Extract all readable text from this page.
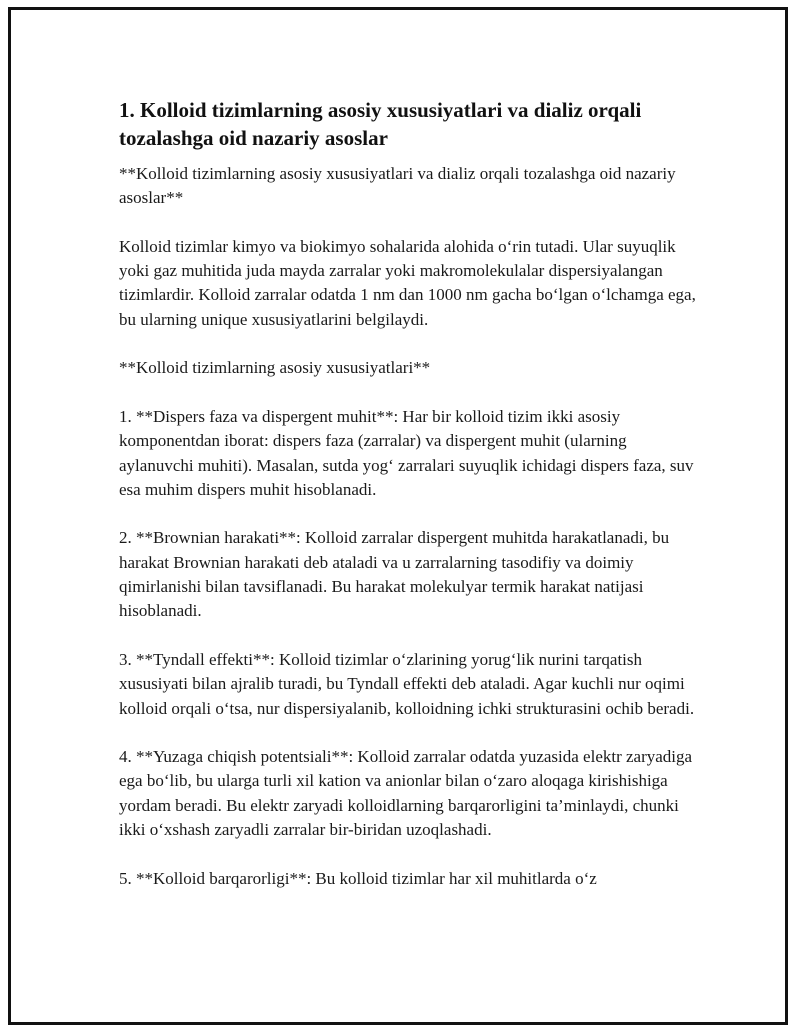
1. Kolloid tizimlarning asosiy xususiyatlari va dializ orqali tozalashga oid nazariy asoslar

**Kolloid tizimlarning asosiy xususiyatlari va dializ orqali tozalashga oid nazariy asoslar**

Kolloid tizimlar kimyo va biokimyo sohalarida alohida o‘rin tutadi. Ular suyuqlik yoki gaz muhitida juda mayda zarralar yoki makromolekulalar dispersiyalangan tizimlardir. Kolloid zarralar odatda 1 nm dan 1000 nm gacha bo‘lgan o‘lchamga ega, bu ularning unique xususiyatlarini belgilaydi.

**Kolloid tizimlarning asosiy xususiyatlari**

1. **Dispers faza va dispergent muhit**: Har bir kolloid tizim ikki asosiy komponentdan iborat: dispers faza (zarralar) va dispergent muhit (ularning aylanuvchi muhiti). Masalan, sutda yog‘ zarralari suyuqlik ichidagi dispers faza, suv esa muhim dispers muhit hisoblanadi.

2. **Brownian harakati**: Kolloid zarralar dispergent muhitda harakatlanadi, bu harakat Brownian harakati deb ataladi va u zarralarning tasodifiy va doimiy qimirlanishi bilan tavsiflanadi. Bu harakat molekulyar termik harakat natijasi hisoblanadi.

3. **Tyndall effekti**: Kolloid tizimlar o‘zlarining yorug‘lik nurini tarqatish xususiyati bilan ajralib turadi, bu Tyndall effekti deb ataladi. Agar kuchli nur oqimi kolloid orqali o‘tsa, nur dispersiyalanib, kolloidning ichki strukturasini ochib beradi.

4. **Yuzaga chiqish potentsiali**: Kolloid zarralar odatda yuzasida elektr zaryadiga ega bo‘lib, bu ularga turli xil kation va anionlar bilan o‘zaro aloqaga kirishishiga yordam beradi. Bu elektr zaryadi kolloidlarning barqarorligini ta’minlaydi, chunki ikki o‘xshash zaryadli zarralar bir-biridan uzoqlashadi.

5. **Kolloid barqarorligi**: Bu kolloid tizimlar har xil muhitlarda o‘z
